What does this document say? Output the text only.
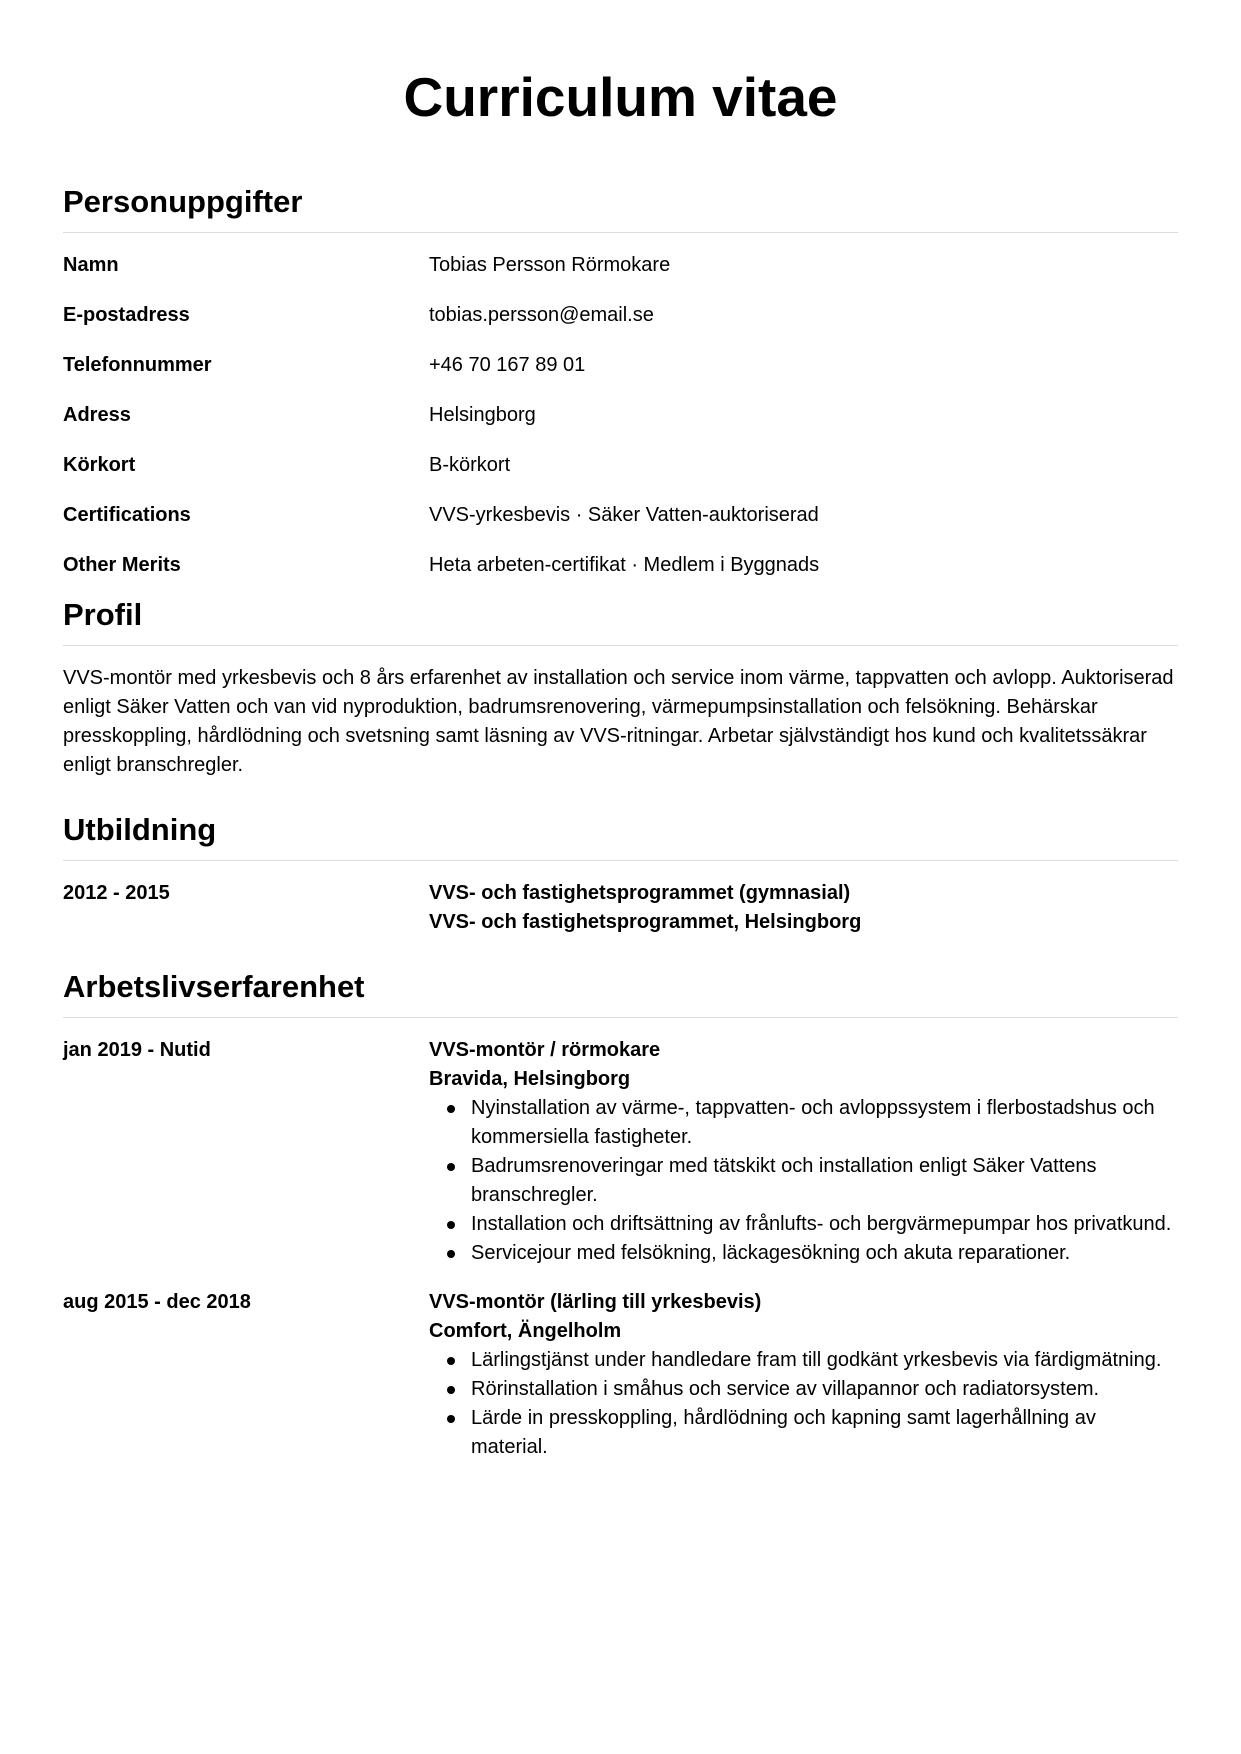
Curriculum vitae
Personuppgifter
Namn	Tobias Persson Rörmokare
E-postadress	tobias.persson@email.se
Telefonnummer	+46 70 167 89 01
Adress	Helsingborg
Körkort	B-körkort
Certifications	VVS-yrkesbevis · Säker Vatten-auktoriserad
Other Merits	Heta arbeten-certifikat · Medlem i Byggnads
Profil

VVS-montör med yrkesbevis och 8 års erfarenhet av installation och service inom värme, tappvatten och avlopp. Auktoriserad enligt Säker Vatten och van vid nyproduktion, badrumsrenovering, värmepumpsinstallation och felsökning. Behärskar presskoppling, hårdlödning och svetsning samt läsning av VVS-ritningar. Arbetar självständigt hos kund och kvalitetssäkrar enligt branschregler.

Utbildning
2012 - 2015	VVS- och fastighetsprogrammet (gymnasial)
VVS- och fastighetsprogrammet, Helsingborg
Arbetslivserfarenhet
jan 2019 - Nutid	VVS-montör / rörmokare
Bravida, Helsingborg
Nyinstallation av värme-, tappvatten- och avloppssystem i flerbostadshus och kommersiella fastigheter.
Badrumsrenoveringar med tätskikt och installation enligt Säker Vattens branschregler.
Installation och driftsättning av frånlufts- och bergvärmepumpar hos privatkund.
Servicejour med felsökning, läckagesökning och akuta reparationer.
aug 2015 - dec 2018	VVS-montör (lärling till yrkesbevis)
Comfort, Ängelholm
Lärlingstjänst under handledare fram till godkänt yrkesbevis via färdigmätning.
Rörinstallation i småhus och service av villapannor och radiatorsystem.
Lärde in presskoppling, hårdlödning och kapning samt lagerhållning av material.
